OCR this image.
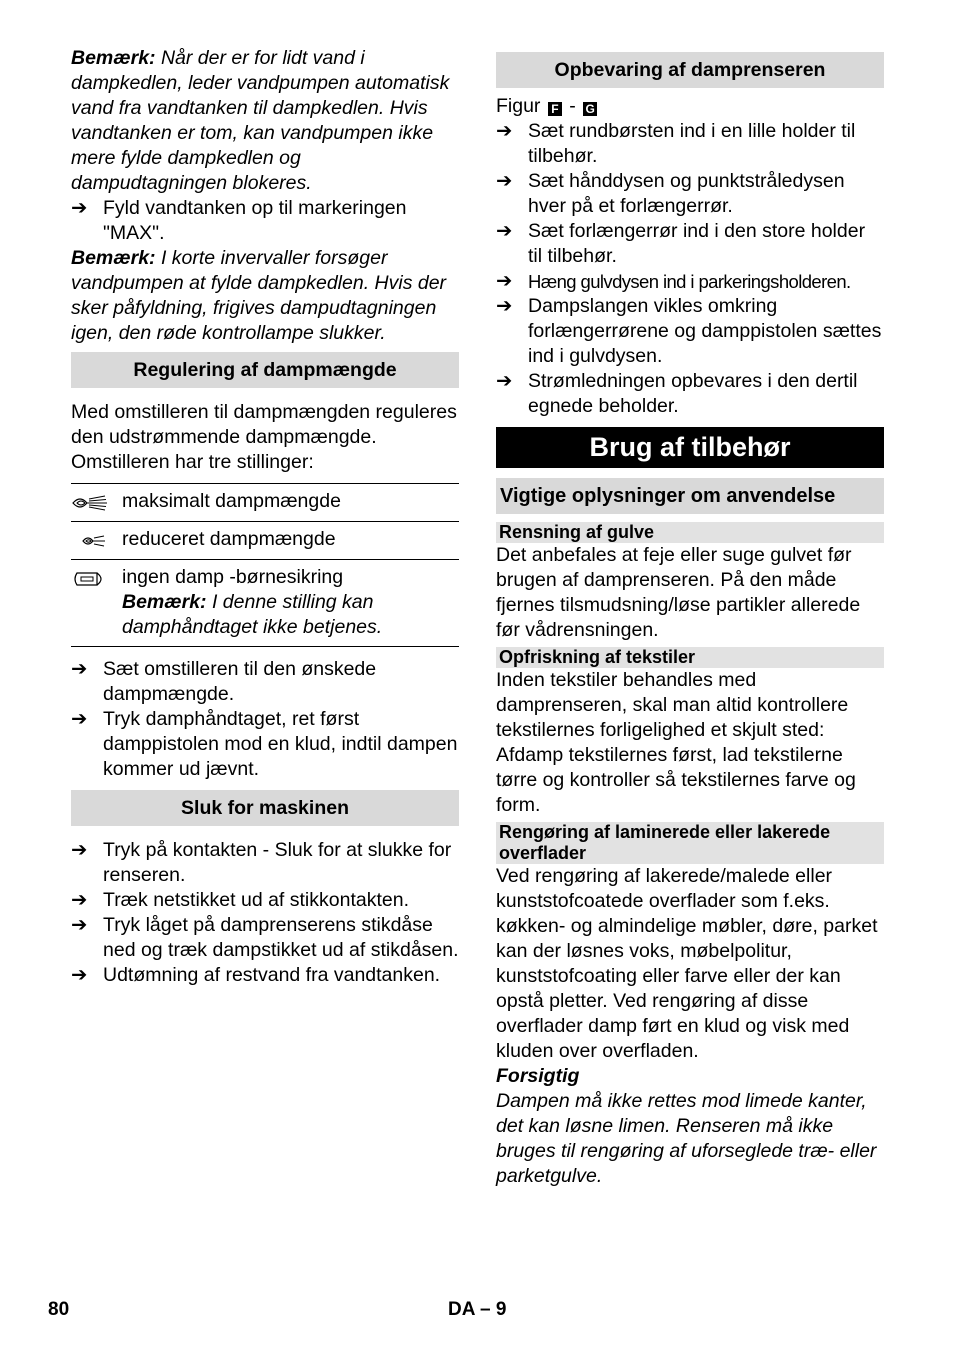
Bemærk: Når der er for lidt vand i dampkedlen, leder vandpumpen automatisk vand fra vandtanken til dampkedlen. Hvis vandtanken er tom, kan vandpumpen ikke mere fylde dampkedlen og dampudtagningen blokeres.

➔ Fyld vandtanken op til markeringen "MAX".

Bemærk: I korte invervaller forsøger vandpumpen at fylde dampkedlen. Hvis der sker påfyldning, frigives dampudtagningen igen, den røde kontrollampe slukker.

Regulering af dampmængde

Med omstilleren til dampmængden reguleres den udstrømmende dampmængde. Omstilleren har tre stillinger:

	maksimalt dampmængde

	reduceret dampmængde

ingen damp -børnesikring
Bemærk: I denne stilling kan damphåndtaget ikke betjenes.
➔ Sæt omstilleren til den ønskede dampmængde.
➔ Tryk damphåndtaget, ret først damppistolen mod en klud, indtil dampen kommer ud jævnt.
Sluk for maskinen
➔ Tryk på kontakten - Sluk for at slukke for renseren.
➔ Træk netstikket ud af stikkontakten.
➔ Tryk låget på damprenserens stikdåse ned og træk dampstikket ud af stikdåsen.
➔ Udtømning af restvand fra vandtanken.
Opbevaring af damprenseren

Figur F - G

➔ Sæt rundbørsten ind i en lille holder til tilbehør.
➔ Sæt hånddysen og punktstråledysen hver på et forlængerrør.
➔ Sæt forlængerrør ind i den store holder til tilbehør.
➔ Hæng gulvdysen ind i parkeringsholderen.
➔ Dampslangen vikles omkring forlængerrørene og damppistolen sættes ind i gulvdysen.
➔ Strømledningen opbevares i den dertil egnede beholder.
Brug af tilbehør
Vigtige oplysninger om anvendelse
Rensning af gulve

Det anbefales at feje eller suge gulvet før brugen af damprenseren. På den måde fjernes tilsmudsning/løse partikler allerede før vådrensningen.

Opfriskning af tekstiler

Inden tekstiler behandles med damprenseren, skal man altid kontrollere tekstilernes forligelighed et skjult sted: Afdamp tekstilernes først, lad tekstilerne tørre og kontroller så tekstilernes farve og form.

Rengøring af laminerede eller lakerede overflader

Ved rengøring af lakerede/malede eller kunststofcoatede overflader som f.eks. køkken- og almindelige møbler, døre, parket kan der løsnes voks, møbelpolitur, kunststofcoating eller farve eller der kan opstå pletter. Ved rengøring af disse overflader damp ført en klud og visk med kluden over overfladen.

Forsigtig

Dampen må ikke rettes mod limede kanter, det kan løsne limen. Renseren må ikke bruges til rengøring af uforseglede træ- eller parketgulve.

80	DA – 9
